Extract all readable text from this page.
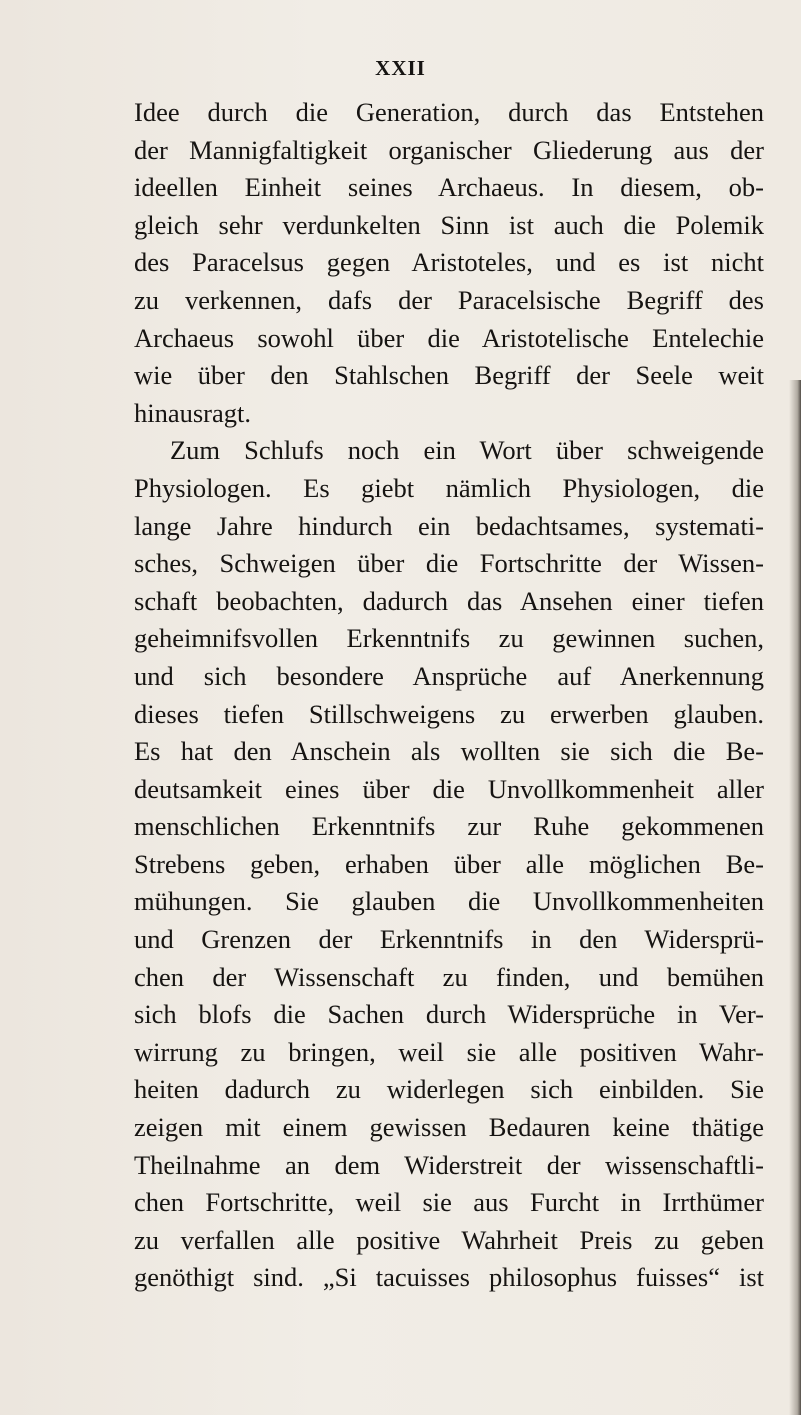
XXII
Idee durch die Generation, durch das Entstehen
der Mannigfaltigkeit organischer Gliederung aus der
ideellen Einheit seines Archaeus. In diesem, ob-
gleich sehr verdunkelten Sinn ist auch die Polemik
des Paracelsus gegen Aristoteles, und es ist nicht
zu verkennen, dafs der Paracelsische Begriff des
Archaeus sowohl über die Aristotelische Entelechie
wie über den Stahlschen Begriff der Seele weit
hinausragt.
Zum Schlufs noch ein Wort über schweigende
Physiologen. Es giebt nämlich Physiologen, die
lange Jahre hindurch ein bedachtsames, systemati-
sches, Schweigen über die Fortschritte der Wissen-
schaft beobachten, dadurch das Ansehen einer tiefen
geheimnifsvollen Erkenntnifs zu gewinnen suchen,
und sich besondere Ansprüche auf Anerkennung
dieses tiefen Stillschweigens zu erwerben glauben.
Es hat den Anschein als wollten sie sich die Be-
deutsamkeit eines über die Unvollkommenheit aller
menschlichen Erkenntnifs zur Ruhe gekommenen
Strebens geben, erhaben über alle möglichen Be-
mühungen. Sie glauben die Unvollkommenheiten
und Grenzen der Erkenntnifs in den Widersprü-
chen der Wissenschaft zu finden, und bemühen
sich blofs die Sachen durch Widersprüche in Ver-
wirrung zu bringen, weil sie alle positiven Wahr-
heiten dadurch zu widerlegen sich einbilden. Sie
zeigen mit einem gewissen Bedauren keine thätige
Theilnahme an dem Widerstreit der wissenschaftli-
chen Fortschritte, weil sie aus Furcht in Irrthümer
zu verfallen alle positive Wahrheit Preis zu geben
genöthigt sind. „Si tacuisses philosophus fuisses“ ist
